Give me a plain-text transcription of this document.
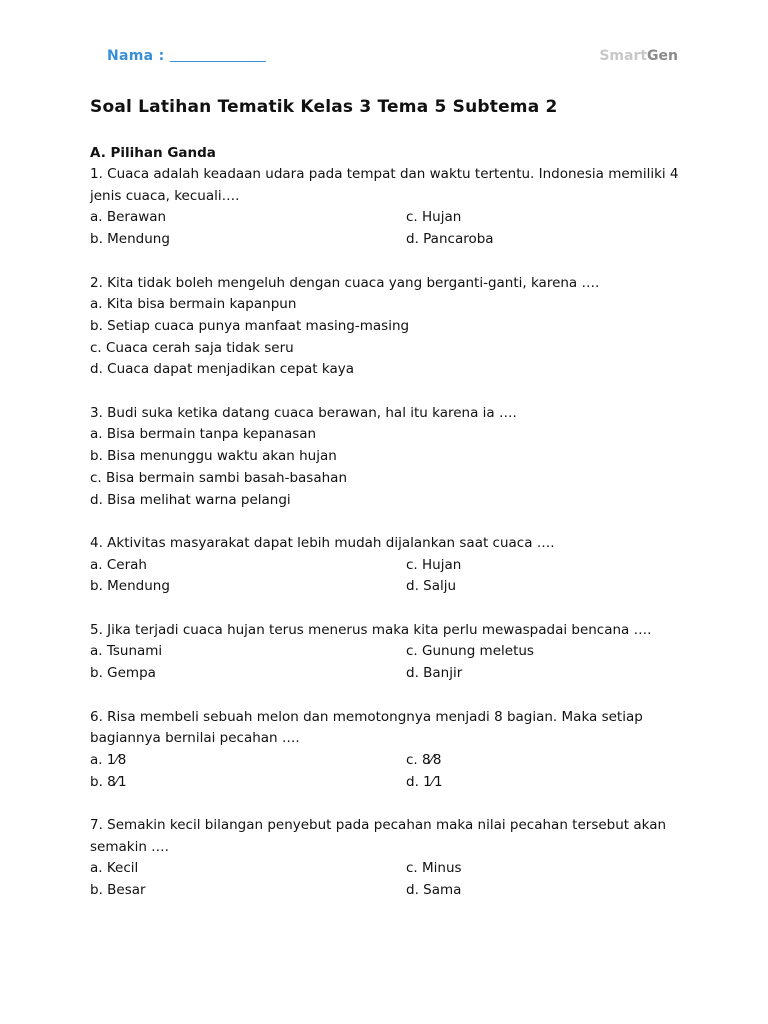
Nama :	SmartGen
Soal Latihan Tematik Kelas 3 Tema 5 Subtema 2
A. Pilihan Ganda
1. Cuaca adalah keadaan udara pada tempat dan waktu tertentu. Indonesia memiliki 4 jenis cuaca, kecuali….
a. Berawan	c. Hujan
b. Mendung	d. Pancaroba
2. Kita tidak boleh mengeluh dengan cuaca yang berganti-ganti, karena ….
a. Kita bisa bermain kapanpun
b. Setiap cuaca punya manfaat masing-masing
c. Cuaca cerah saja tidak seru
d. Cuaca dapat menjadikan cepat kaya
3. Budi suka ketika datang cuaca berawan, hal itu karena ia ….
a. Bisa bermain tanpa kepanasan
b. Bisa menunggu waktu akan hujan
c. Bisa bermain sambi basah-basahan
d. Bisa melihat warna pelangi
4. Aktivitas masyarakat dapat lebih mudah dijalankan saat cuaca ….
a. Cerah	c. Hujan
b. Mendung	d. Salju
5. Jika terjadi cuaca hujan terus menerus maka kita perlu mewaspadai bencana ….
a. Tsunami	c. Gunung meletus
b. Gempa	d. Banjir
6. Risa membeli sebuah melon dan memotongnya menjadi 8 bagian. Maka setiap bagiannya bernilai pecahan ….
a. 1⁄8	c. 8⁄8
b. 8⁄1	d. 1⁄1
7. Semakin kecil bilangan penyebut pada pecahan maka nilai pecahan tersebut akan semakin ….
a. Kecil	c. Minus
b. Besar	d. Sama
